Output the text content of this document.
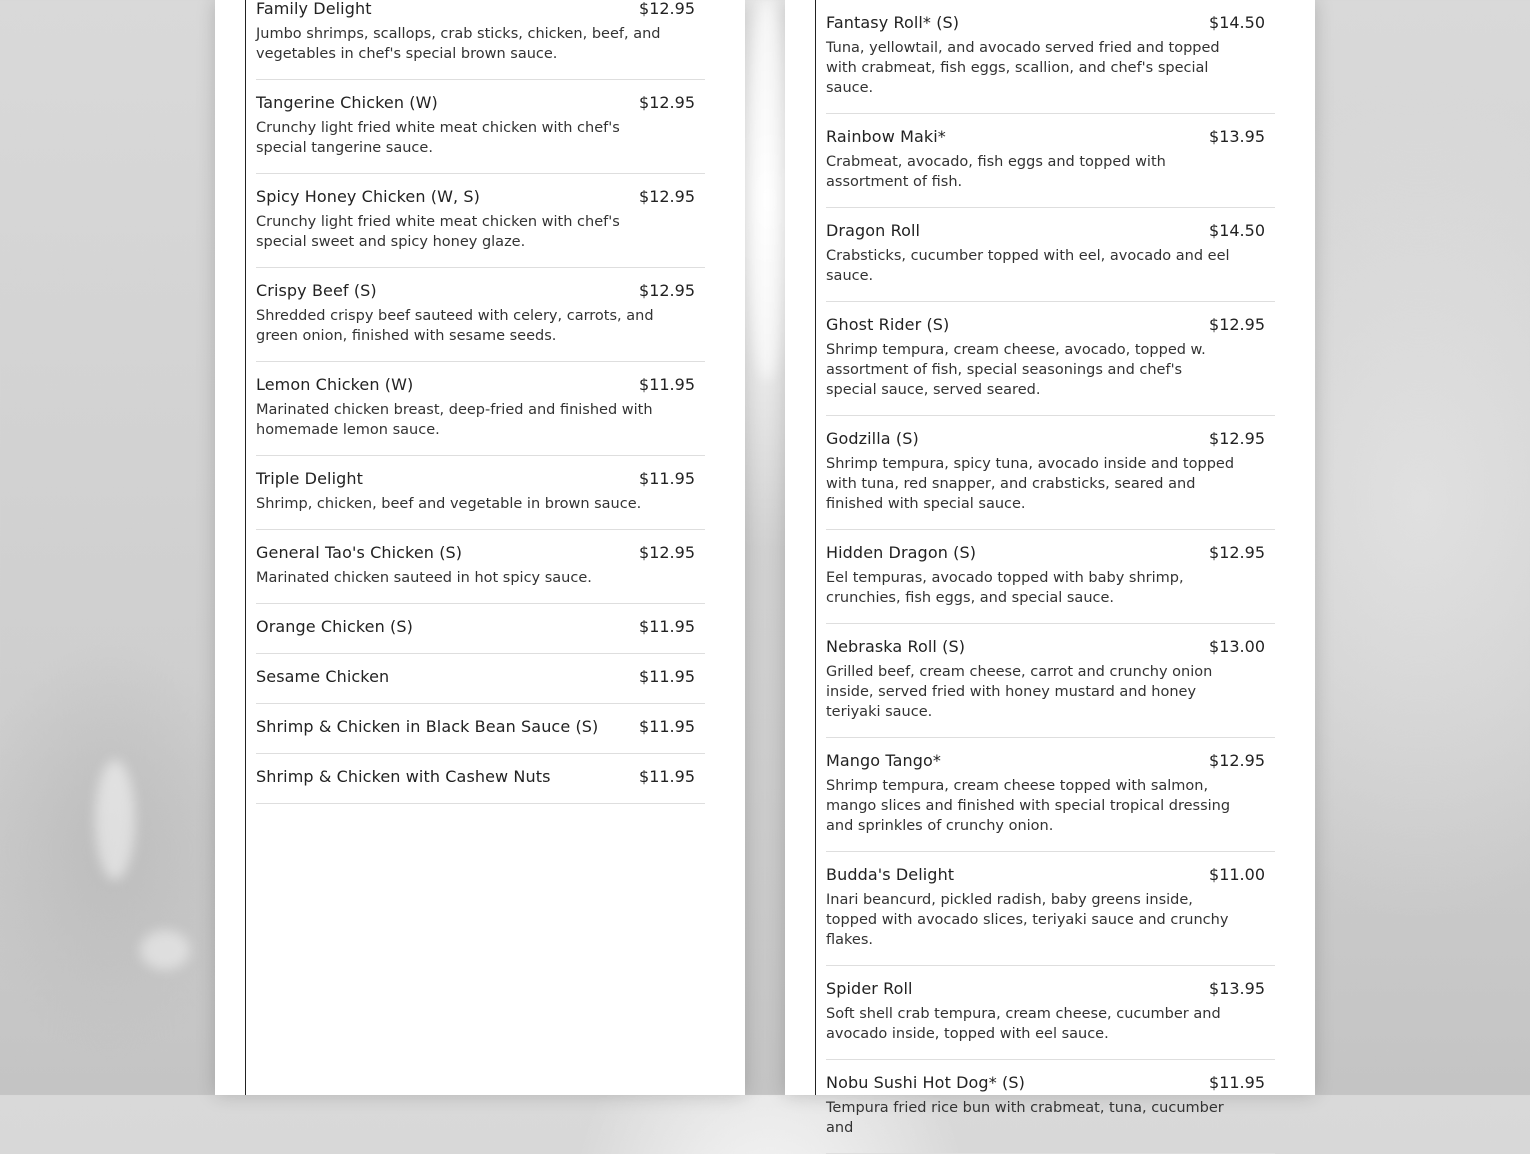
Family Delight	$12.95
Jumbo shrimps, scallops, crab sticks, chicken, beef, and vegetables in chef's special brown sauce.
Tangerine Chicken (W)	$12.95
Crunchy light fried white meat chicken with chef's special tangerine sauce.
Spicy Honey Chicken (W, S)	$12.95
Crunchy light fried white meat chicken with chef's special sweet and spicy honey glaze.
Crispy Beef (S)	$12.95
Shredded crispy beef sauteed with celery, carrots, and green onion, finished with sesame seeds.
Lemon Chicken (W)	$11.95
Marinated chicken breast, deep-fried and finished with homemade lemon sauce.
Triple Delight	$11.95
Shrimp, chicken, beef and vegetable in brown sauce.
General Tao's Chicken (S)	$12.95
Marinated chicken sauteed in hot spicy sauce.
Orange Chicken (S)	$11.95
Sesame Chicken	$11.95
Shrimp & Chicken in Black Bean Sauce (S)	$11.95
Shrimp & Chicken with Cashew Nuts	$11.95
Fantasy Roll* (S)	$14.50
Tuna, yellowtail, and avocado served fried and topped with crabmeat, fish eggs, scallion, and chef's special sauce.
Rainbow Maki*	$13.95
Crabmeat, avocado, fish eggs and topped with assortment of fish.
Dragon Roll	$14.50
Crabsticks, cucumber topped with eel, avocado and eel sauce.
Ghost Rider (S)	$12.95
Shrimp tempura, cream cheese, avocado, topped w. assortment of fish, special seasonings and chef's special sauce, served seared.
Godzilla (S)	$12.95
Shrimp tempura, spicy tuna, avocado inside and topped with tuna, red snapper, and crabsticks, seared and finished with special sauce.
Hidden Dragon (S)	$12.95
Eel tempuras, avocado topped with baby shrimp, crunchies, fish eggs, and special sauce.
Nebraska Roll (S)	$13.00
Grilled beef, cream cheese, carrot and crunchy onion inside, served fried with honey mustard and honey teriyaki sauce.
Mango Tango*	$12.95
Shrimp tempura, cream cheese topped with salmon, mango slices and finished with special tropical dressing and sprinkles of crunchy onion.
Budda's Delight	$11.00
Inari beancurd, pickled radish, baby greens inside, topped with avocado slices, teriyaki sauce and crunchy flakes.
Spider Roll	$13.95
Soft shell crab tempura, cream cheese, cucumber and avocado inside, topped with eel sauce.
Nobu Sushi Hot Dog* (S)	$11.95
Tempura fried rice bun with crabmeat, tuna, cucumber and
